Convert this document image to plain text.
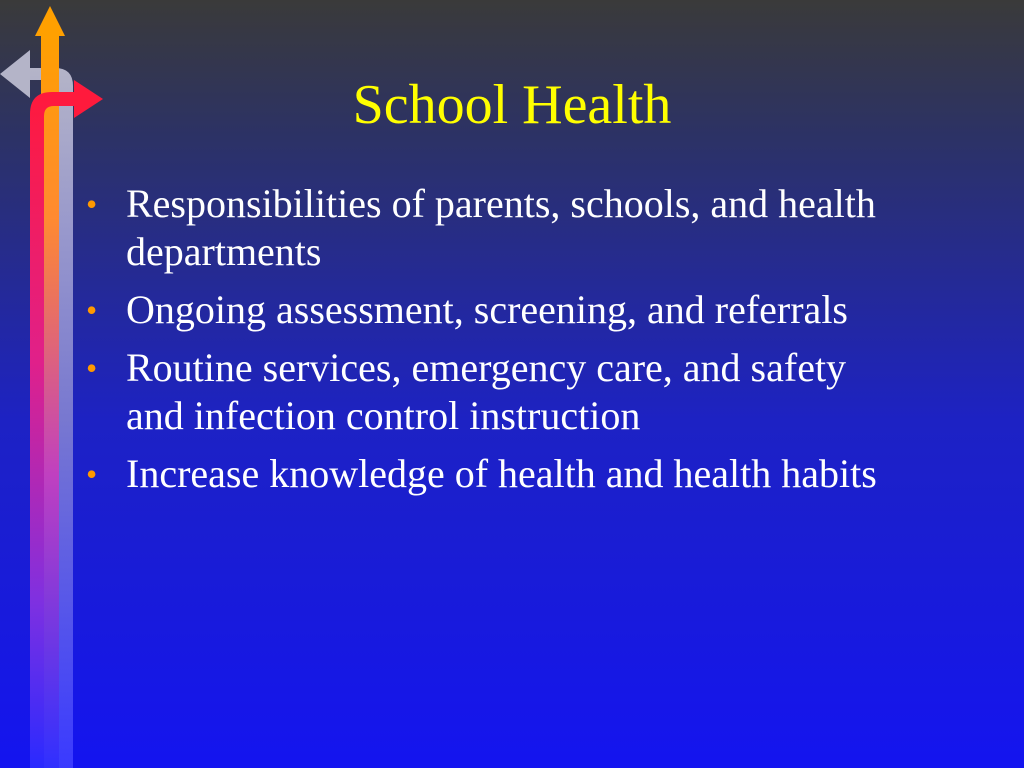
School Health
• Responsibilities of parents, schools, and health departments
• Ongoing assessment, screening, and referrals
• Routine services, emergency care, and safety and infection control instruction
• Increase knowledge of health and health habits
